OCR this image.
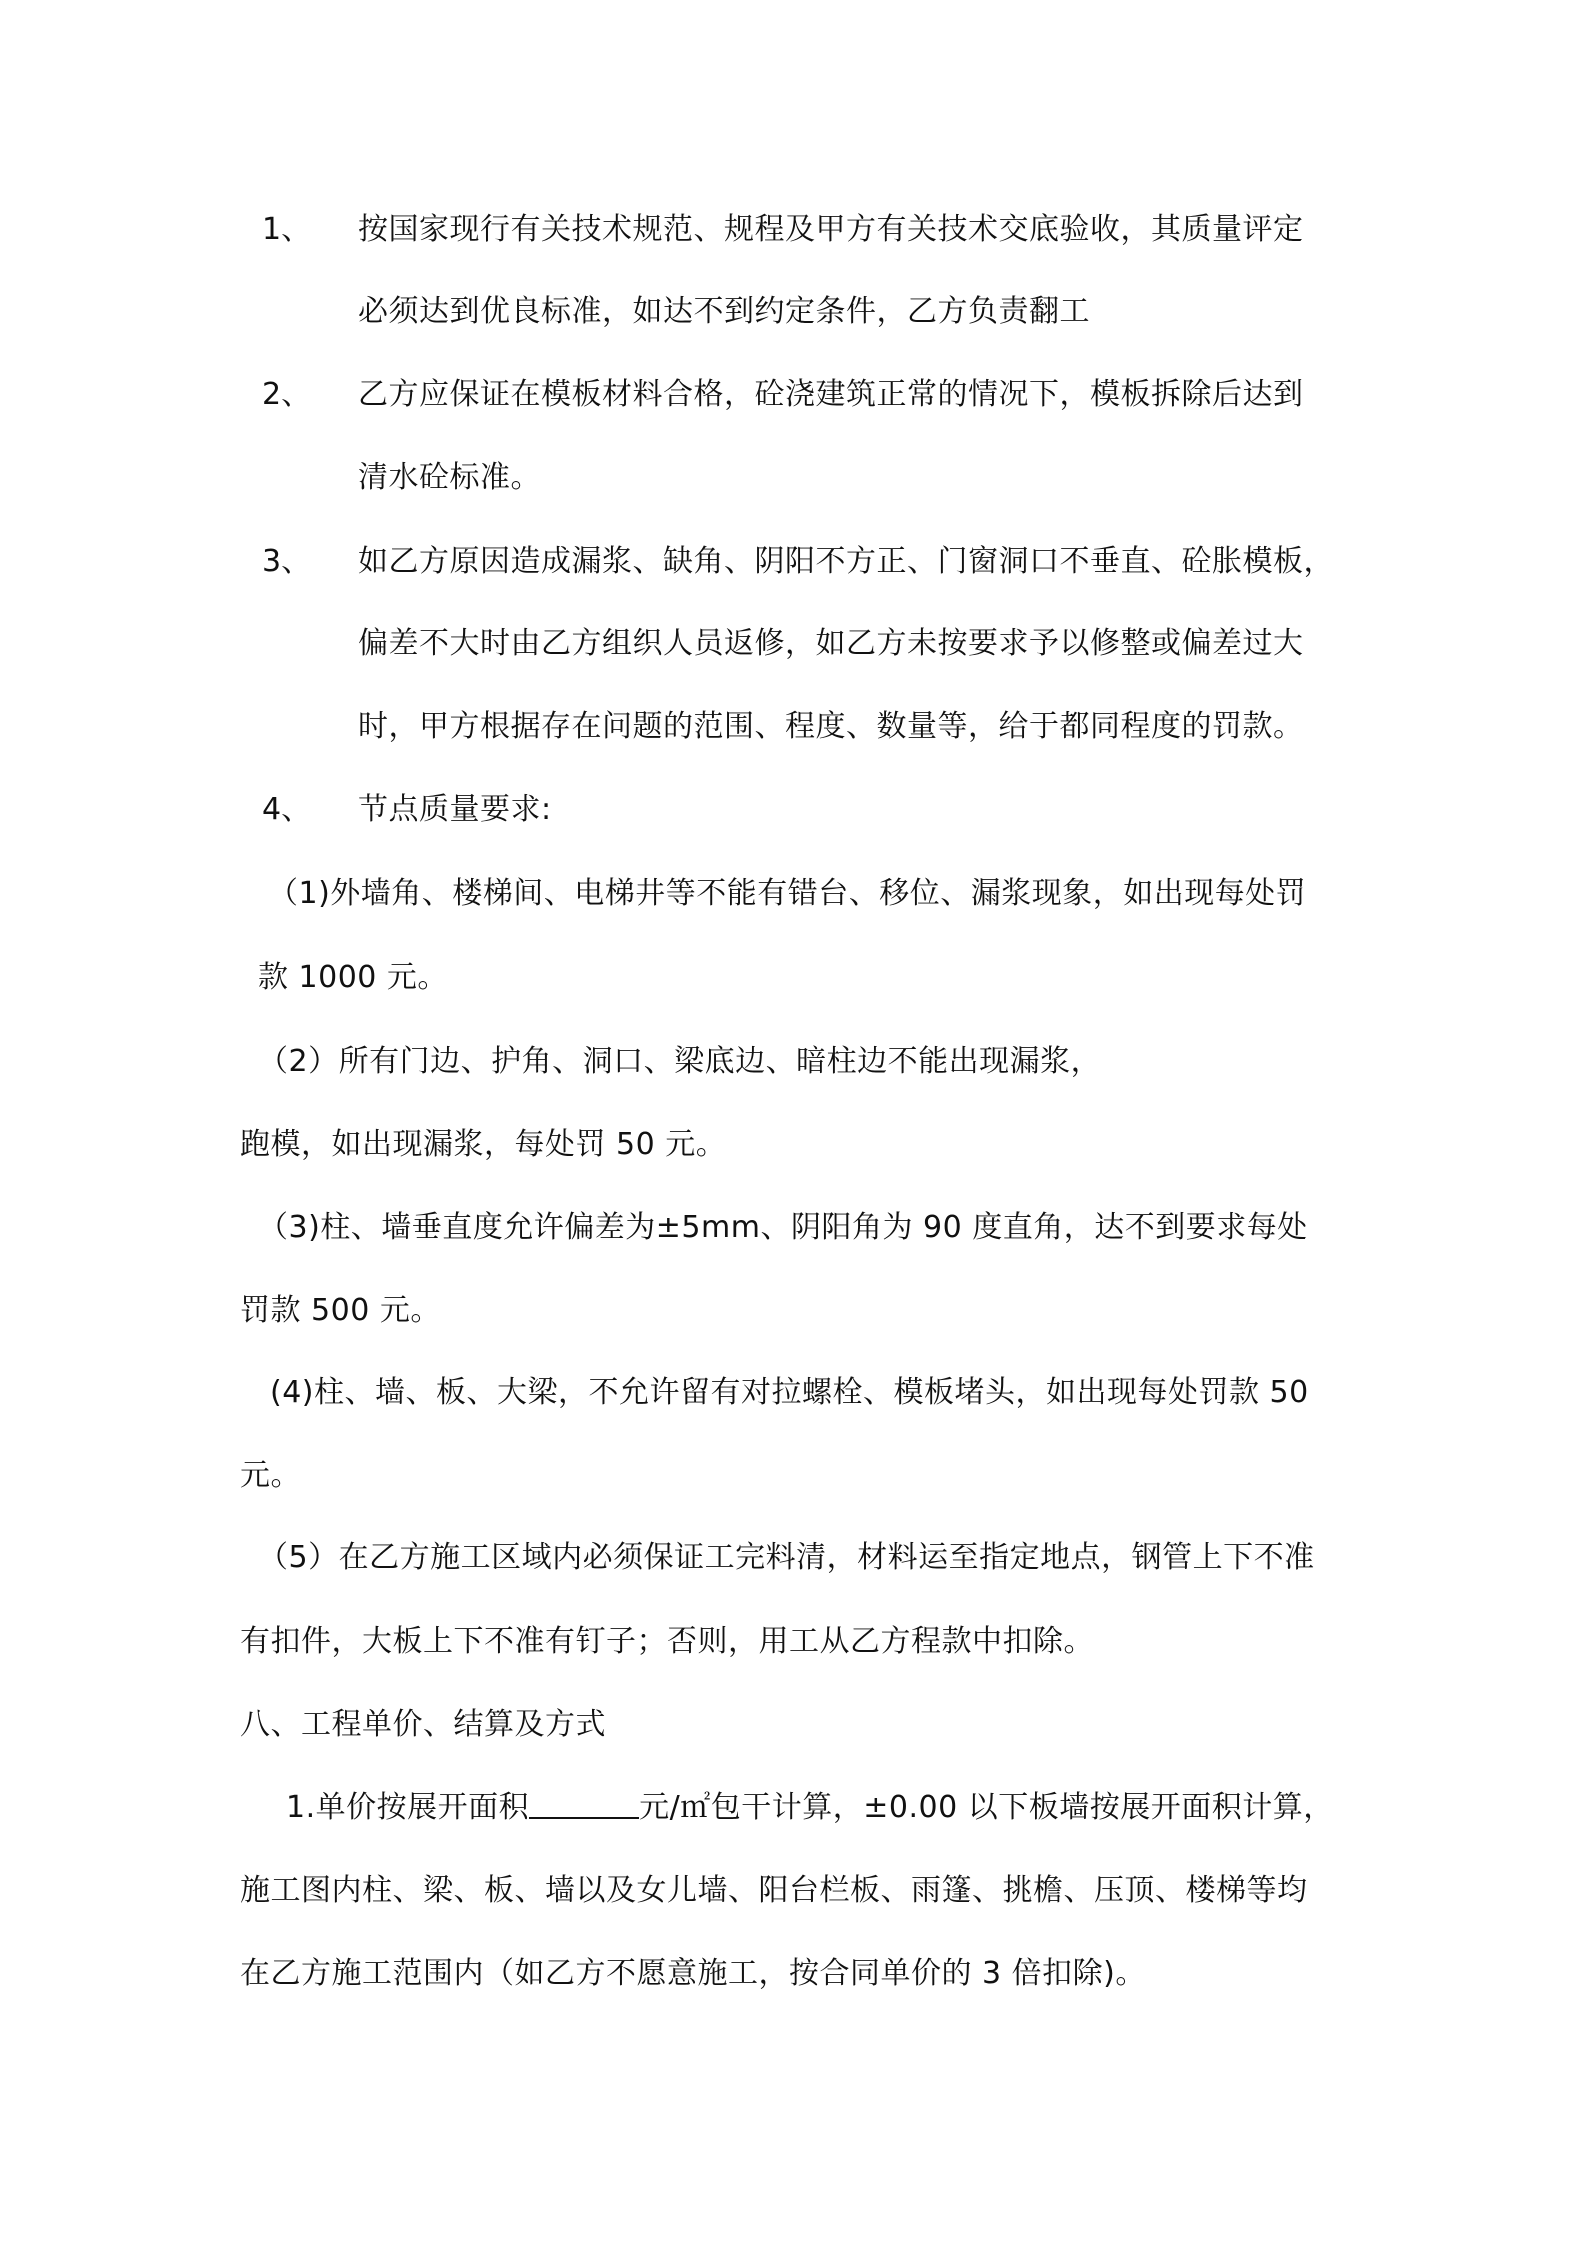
1、 按国家现行有关技术规范、规程及甲方有关技术交底验收，其质量评定
必须达到优良标准，如达不到约定条件，乙方负责翻工
2、 乙方应保证在模板材料合格，砼浇建筑正常的情况下，模板拆除后达到
清水砼标准。
3、 如乙方原因造成漏浆、缺角、阴阳不方正、门窗洞口不垂直、砼胀模板，
偏差不大时由乙方组织人员返修，如乙方未按要求予以修整或偏差过大
时，甲方根据存在问题的范围、程度、数量等，给于都同程度的罚款。
4、 节点质量要求:
（1)外墙角、楼梯间、电梯井等不能有错台、移位、漏浆现象，如出现每处罚
款 1000 元。
（2）所有门边、护角、洞口、梁底边、暗柱边不能出现漏浆，
跑模，如出现漏浆，每处罚 50 元。
（3)柱、墙垂直度允许偏差为±5mm、阴阳角为 90 度直角，达不到要求每处
罚款 500 元。
(4)柱、墙、板、大梁，不允许留有对拉螺栓、模板堵头，如出现每处罚款 50
元。
（5）在乙方施工区域内必须保证工完料清，材料运至指定地点，钢管上下不准
有扣件，大板上下不准有钉子；否则，用工从乙方程款中扣除。
八、工程单价、结算及方式
1.单价按展开面积	元/㎡包干计算，±0.00 以下板墙按展开面积计算，
施工图内柱、梁、板、墙以及女儿墙、阳台栏板、雨篷、挑檐、压顶、楼梯等均
在乙方施工范围内（如乙方不愿意施工，按合同单价的 3 倍扣除)。
